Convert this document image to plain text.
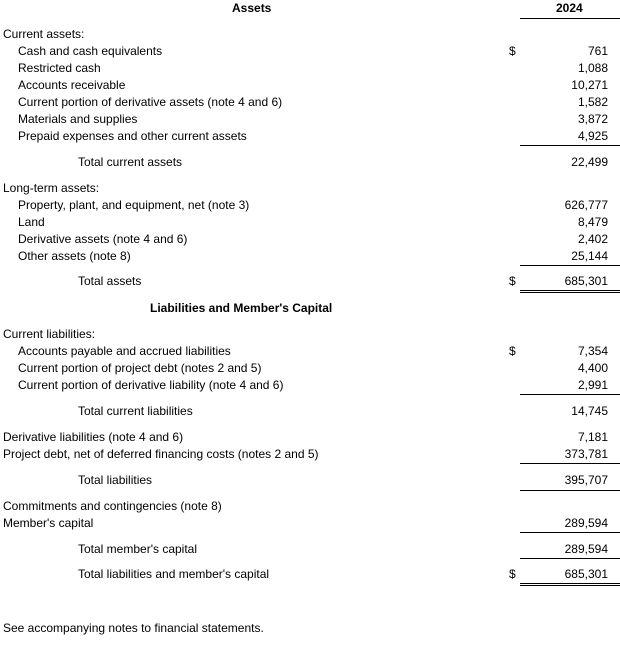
Assets	2024
Current assets:
Cash and cash equivalents	$	761
Restricted cash	1,088
Accounts receivable	10,271
Current portion of derivative assets (note 4 and 6)	1,582
Materials and supplies	3,872
Prepaid expenses and other current assets	4,925
Total current assets	22,499
Long-term assets:
Property, plant, and equipment, net (note 3)	626,777
Land	8,479
Derivative assets (note 4 and 6)	2,402
Other assets (note 8)	25,144
Total assets	$	685,301
Liabilities and Member's Capital
Current liabilities:
Accounts payable and accrued liabilities	$	7,354
Current portion of project debt (notes 2 and 5)	4,400
Current portion of derivative liability (note 4 and 6)	2,991
Total current liabilities	14,745
Derivative liabilities (note 4 and 6)	7,181
Project debt, net of deferred financing costs (notes 2 and 5)	373,781
Total liabilities	395,707
Commitments and contingencies (note 8)
Member's capital	289,594
Total member's capital	289,594
Total liabilities and member's capital	$	685,301
See accompanying notes to financial statements.
